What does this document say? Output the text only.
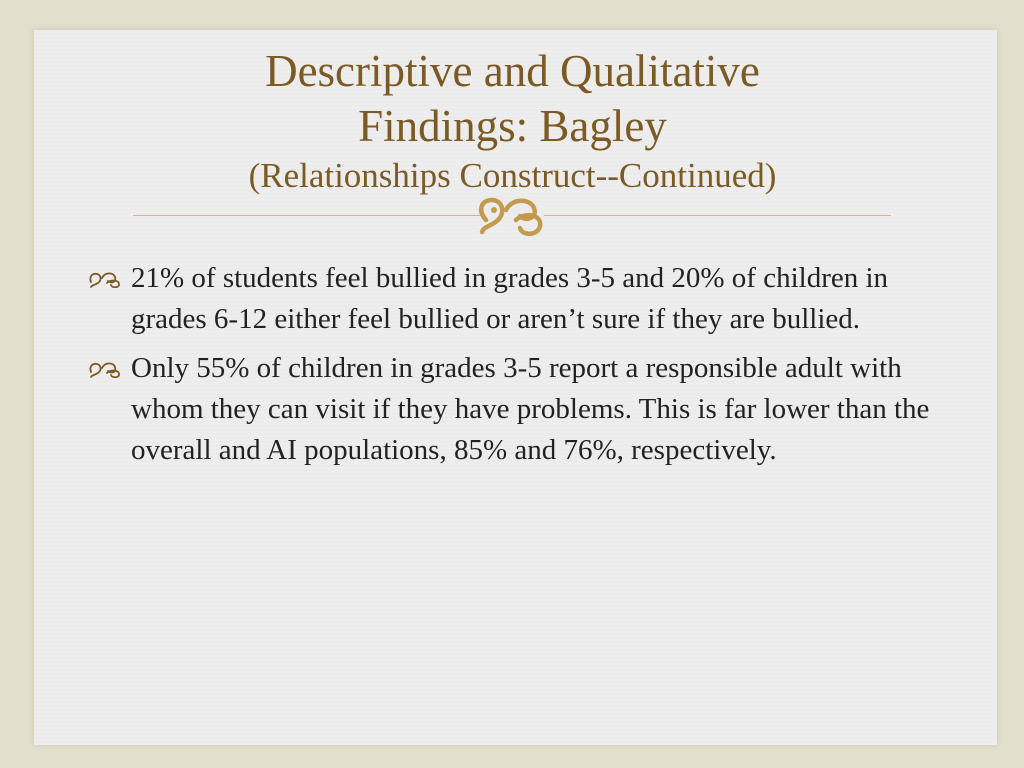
Descriptive and Qualitative
Findings: Bagley
(Relationships Construct--Continued)
21% of students feel bullied in grades 3-5 and 20% of children in grades 6-12 either feel bullied or aren’t sure if they are bullied.
Only 55% of children in grades 3-5 report a responsible adult with whom they can visit if they have problems. This is far lower than the overall and AI populations, 85% and 76%, respectively.
